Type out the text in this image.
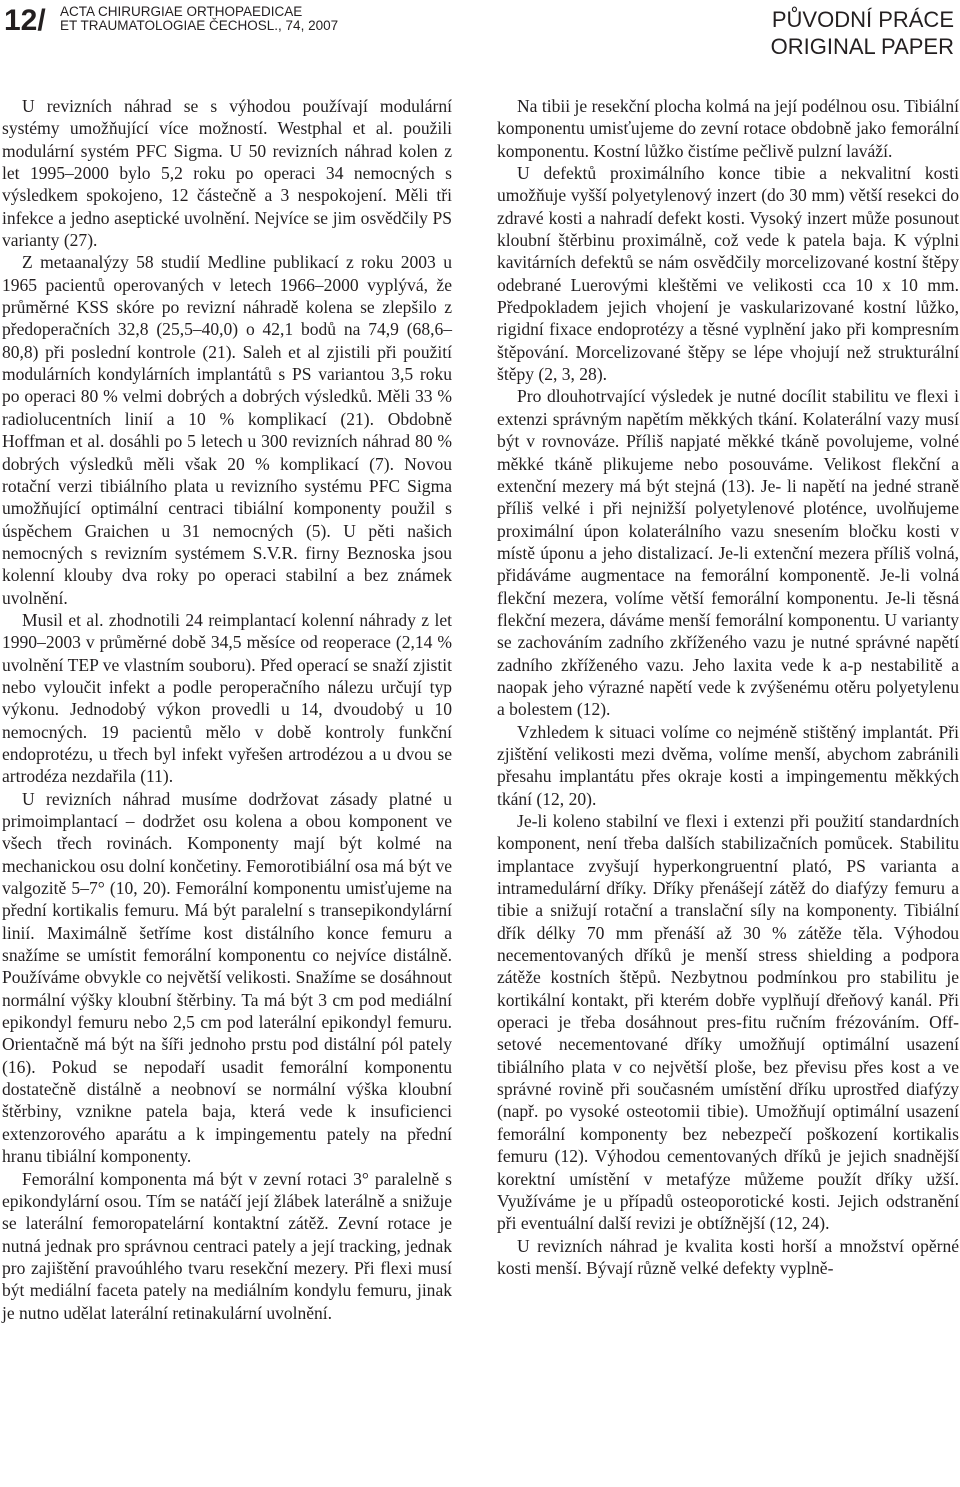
12/ ACTA CHIRURGIAE ORTHOPAEDICAE
ET TRAUMATOLOGIAE ČECHOSL., 74, 2007	PŮVODNÍ PRÁCE
ORIGINAL PAPER

U revizních náhrad se s výhodou používají modulární systémy umožňující více možností. Westphal et al. použili modulární systém PFC Sigma. U 50 revizních náhrad kolen z let 1995–2000 bylo 5,2 roku po operaci 34 nemocných s výsledkem spokojeno, 12 částečně a 3 nespokojení. Měli tři infekce a jedno aseptické uvolnění. Nejvíce se jim osvědčily PS varianty (27).

Z metaanalýzy 58 studií Medline publikací z roku 2003 u 1965 pacientů operovaných v letech 1966–2000 vyplývá, že průměrné KSS skóre po revizní náhradě kolena se zlepšilo z předoperačních 32,8 (25,5–40,0) o 42,1 bodů na 74,9 (68,6–80,8) při poslední kontrole (21). Saleh et al zjistili při použití modulárních kondylárních implantátů s PS variantou 3,5 roku po operaci 80 % velmi dobrých a dobrých výsledků. Měli 33 % radiolucentních linií a 10 % komplikací (21). Obdobně Hoffman et al. dosáhli po 5 letech u 300 revizních náhrad 80 % dobrých výsledků měli však 20 % komplikací (7). Novou rotační verzi tibiálního plata u revizního systému PFC Sigma umožňující optimální centraci tibiální komponenty použil s úspěchem Graichen u 31 nemocných (5). U pěti našich nemocných s revizním systémem S.V.R. firny Beznoska jsou kolenní klouby dva roky po operaci stabilní a bez známek uvolnění.

Musil et al. zhodnotili 24 reimplantací kolenní náhrady z let 1990–2003 v průměrné době 34,5 měsíce od reoperace (2,14 % uvolnění TEP ve vlastním souboru). Před operací se snaží zjistit nebo vyloučit infekt a podle peroperačního nálezu určují typ výkonu. Jednodobý výkon provedli u 14, dvoudobý u 10 nemocných. 19 pacientů mělo v době kontroly funkční endoprotézu, u třech byl infekt vyřešen artrodézou a u dvou se artrodéza nezdařila (11).

U revizních náhrad musíme dodržovat zásady platné u primoimplantací – dodržet osu kolena a obou komponent ve všech třech rovinách. Komponenty mají být kolmé na mechanickou osu dolní končetiny. Femorotibiální osa má být ve valgozitě 5–7° (10, 20). Femorální komponentu umisťujeme na přední kortikalis femuru. Má být paralelní s transepikondylární linií. Maximálně šetříme kost distálního konce femuru a snažíme se umístit femorální komponentu co nejvíce distálně. Používáme obvykle co největší velikosti. Snažíme se dosáhnout normální výšky kloubní štěrbiny. Ta má být 3 cm pod mediální epikondyl femuru nebo 2,5 cm pod laterální epikondyl femuru. Orientačně má být na šíři jednoho prstu pod distální pól pately (16). Pokud se nepodaří usadit femorální komponentu dostatečně distálně a neobnoví se normální výška kloubní štěrbiny, vznikne patela baja, která vede k insuficienci extenzorového aparátu a k impingementu pately na přední hranu tibiální komponenty.

Femorální komponenta má být v zevní rotaci 3° paralelně s epikondylární osou. Tím se natáčí její žlábek laterálně a snižuje se laterální femoropatelární kontaktní zátěž. Zevní rotace je nutná jednak pro správnou centraci pately a její tracking, jednak pro zajištění pravoúhlého tvaru resekční mezery. Při flexi musí být mediální faceta pately na mediálním kondylu femuru, jinak je nutno udělat laterální retinakulární uvolnění.

Na tibii je resekční plocha kolmá na její podélnou osu. Tibiální komponentu umisťujeme do zevní rotace obdobně jako femorální komponentu. Kostní lůžko čistíme pečlivě pulzní laváží.

U defektů proximálního konce tibie a nekvalitní kosti umožňuje vyšší polyetylenový inzert (do 30 mm) větší resekci do zdravé kosti a nahradí defekt kosti. Vysoký inzert může posunout kloubní štěrbinu proximálně, což vede k patela baja. K výplni kavitárních defektů se nám osvědčily morcelizované kostní štěpy odebrané Luerovými kleštěmi ve velikosti cca 10 x 10 mm. Předpokladem jejich vhojení je vaskularizované kostní lůžko, rigidní fixace endoprotézy a těsné vyplnění jako při kompresním štěpování. Morcelizované štěpy se lépe vhojují než strukturální štěpy (2, 3, 28).

Pro dlouhotrvající výsledek je nutné docílit stabilitu ve flexi i extenzi správným napětím měkkých tkání. Kolaterální vazy musí být v rovnováze. Příliš napjaté měkké tkáně povolujeme, volné měkké tkáně plikujeme nebo posouváme. Velikost flekční a extenční mezery má být stejná (13). Je- li napětí na jedné straně příliš velké i při nejnižší polyetylenové ploténce, uvolňujeme proximální úpon kolaterálního vazu snesením bločku kosti v místě úponu a jeho distalizací. Je-li extenční mezera příliš volná, přidáváme augmentace na femorální komponentě. Je-li volná flekční mezera, volíme větší femorální komponentu. Je-li těsná flekční mezera, dáváme menší femorální komponentu. U varianty se zachováním zadního zkříženého vazu je nutné správné napětí zadního zkříženého vazu. Jeho laxita vede k a-p nestabilitě a naopak jeho výrazné napětí vede k zvýšenému otěru polyetylenu a bolestem (12).

Vzhledem k situaci volíme co nejméně stištěný implantát. Při zjištění velikosti mezi dvěma, volíme menší, abychom zabránili přesahu implantátu přes okraje kosti a impingementu měkkých tkání (12, 20).

Je-li koleno stabilní ve flexi i extenzi při použití standardních komponent, není třeba dalších stabilizačních pomůcek. Stabilitu implantace zvyšují hyperkongruentní plató, PS varianta a intramedulární dříky. Dříky přenášejí zátěž do diafýzy femuru a tibie a snižují rotační a translační síly na komponenty. Tibiální dřík délky 70 mm přenáší až 30 % zátěže těla. Výhodou necementovaných dříků je menší stress shielding a podpora zátěže kostních štěpů. Nezbytnou podmínkou pro stabilitu je kortikální kontakt, při kterém dobře vyplňují dřeňový kanál. Při operaci je třeba dosáhnout pres-fitu ručním frézováním. Off-setové necementované dříky umožňují optimální usazení tibiálního plata v co největší ploše, bez převisu přes kost a ve správné rovině při současném umístění dříku uprostřed diafýzy (např. po vysoké osteotomii tibie). Umožňují optimální usazení femorální komponenty bez nebezpečí poškození kortikalis femuru (12). Výhodou cementovaných dříků je jejich snadnější korektní umístění v metafýze můžeme použít dříky užší. Využíváme je u případů osteoporotické kosti. Jejich odstranění při eventuální další revizi je obtížnější (12, 24).

U revizních náhrad je kvalita kosti horší a množství opěrné kosti menší. Bývají různě velké defekty vyplně-
